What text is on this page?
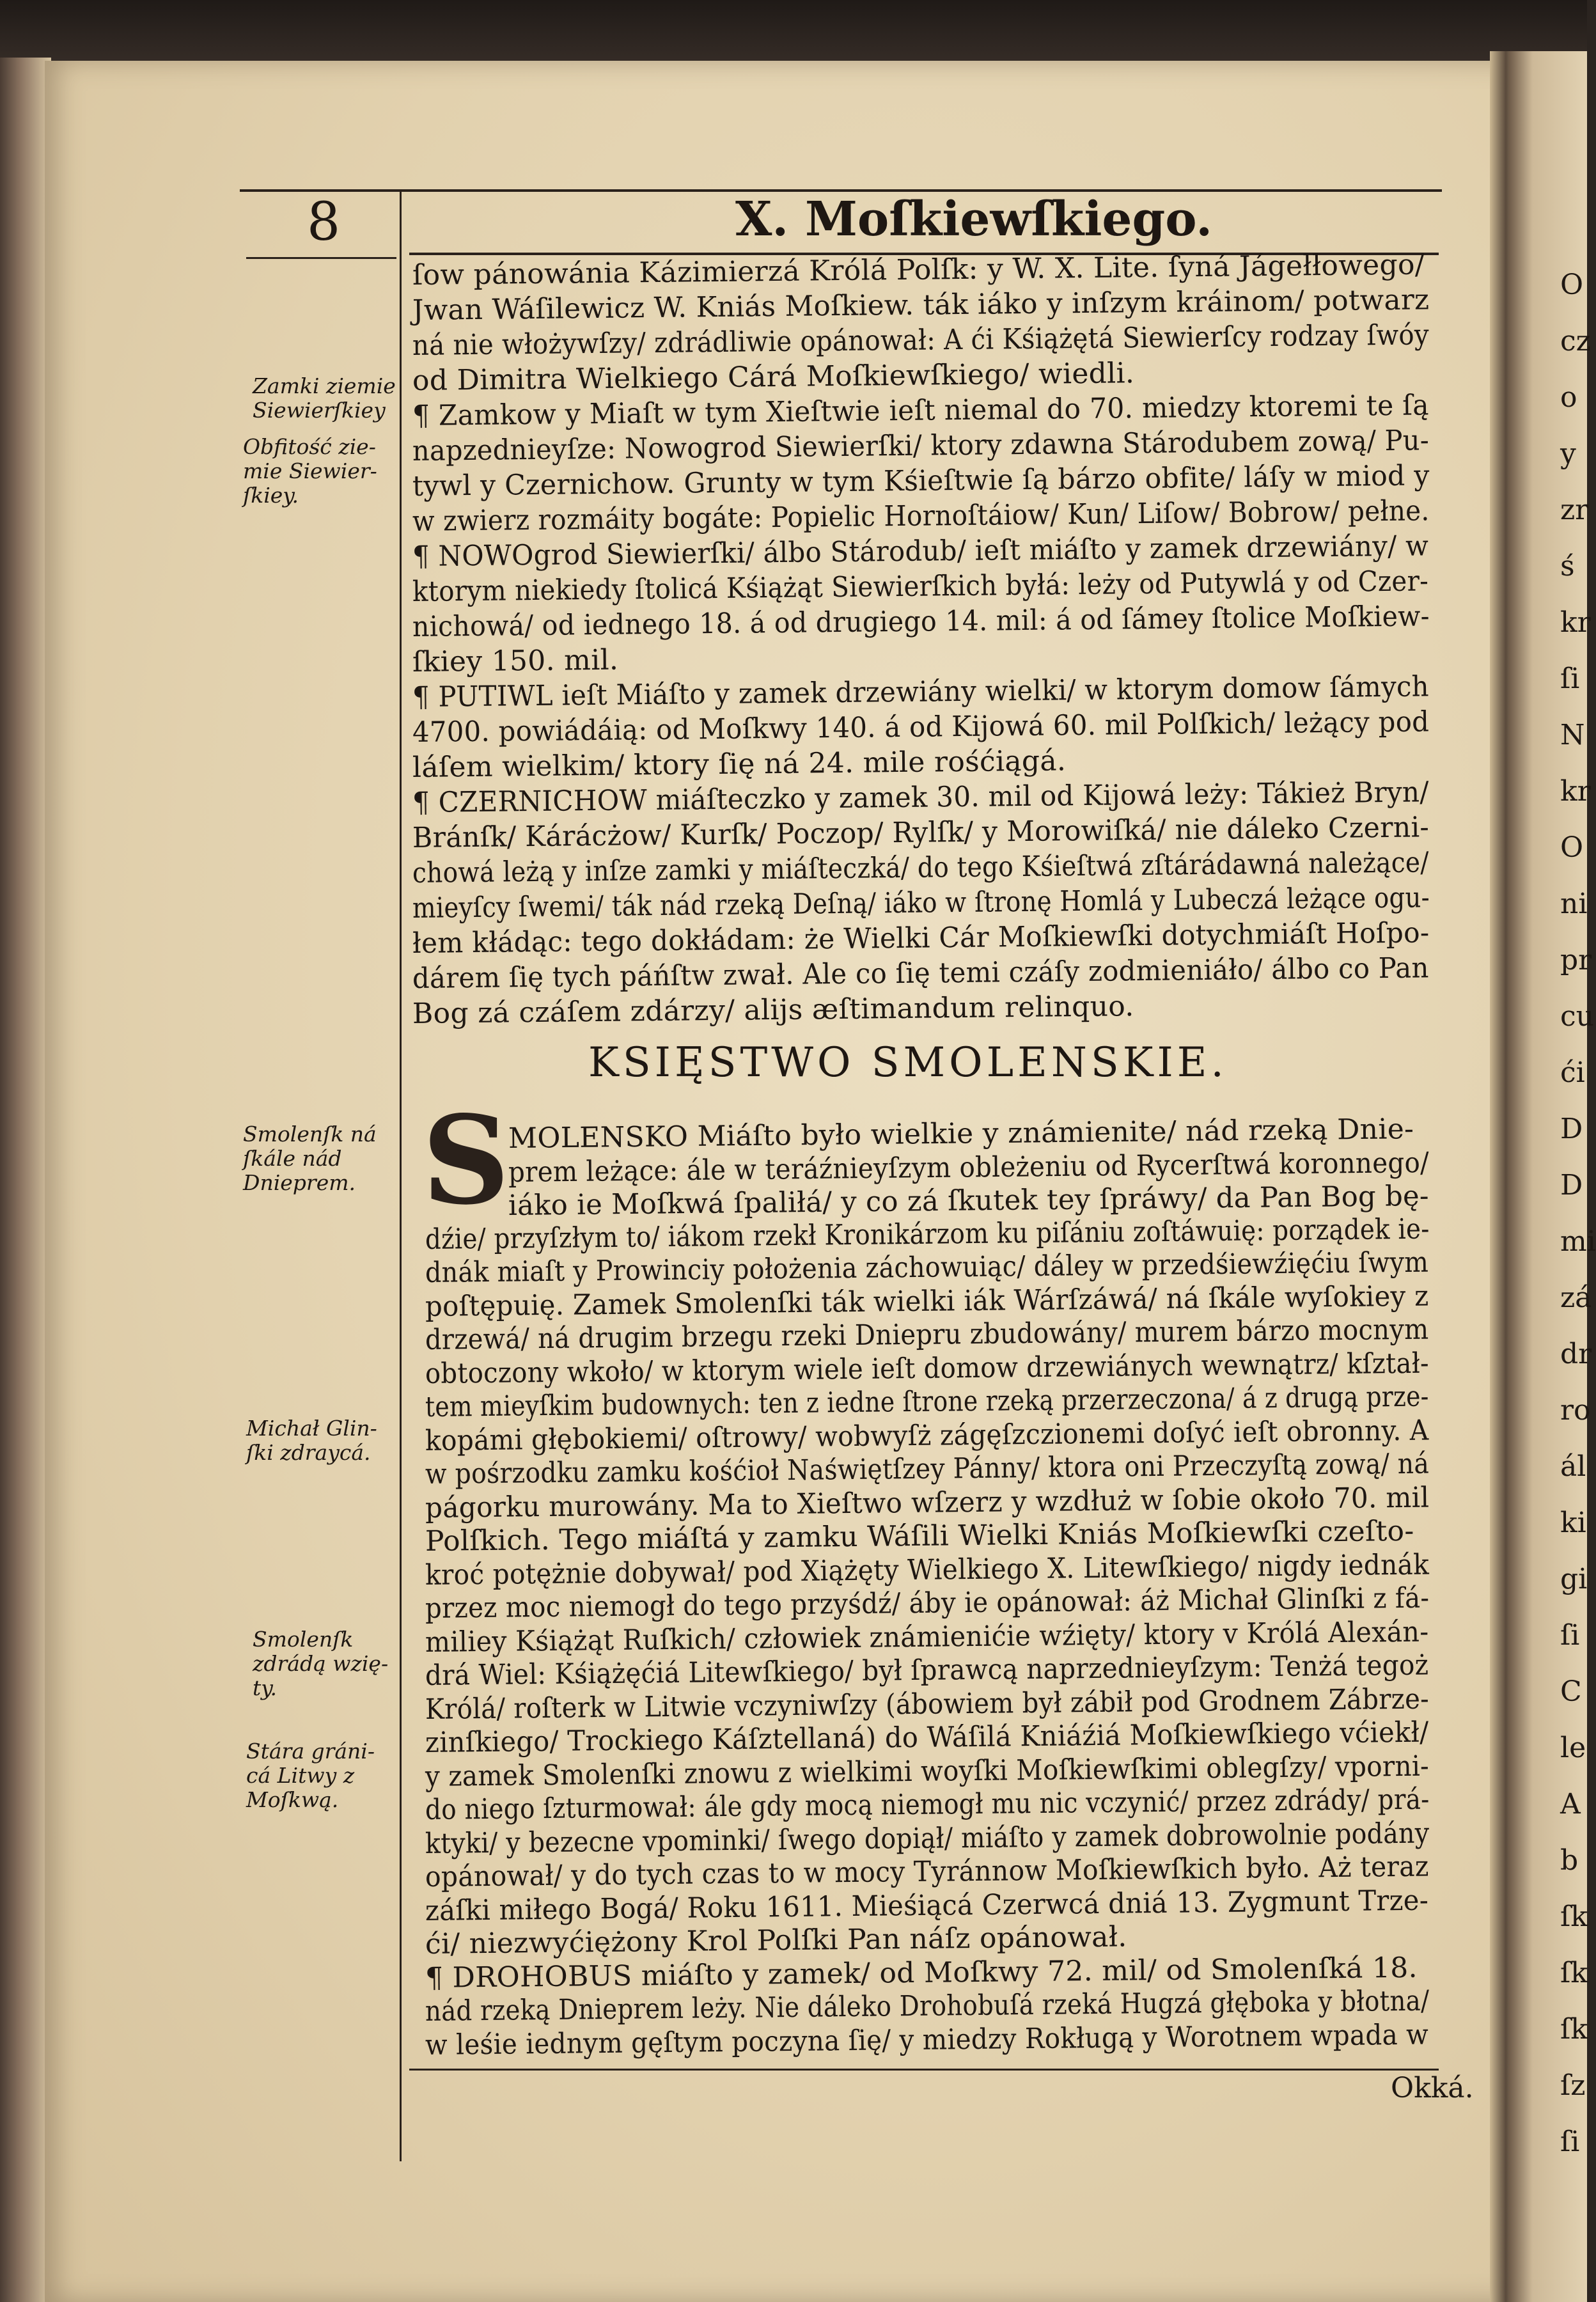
O
cz
o
y
zr
ś
kr
ſi
N
kr
O
ni
pr
cu
ći
D
D
mi
zá
dr
ro
ál
ki
gi
ſi
C
le
A
b
ſk
ſk
ſk
ſz
ſi
8	X. Moſkiewſkiego.
Zamki ziemie
Siewierſkiey
Obfitość zie-
mie Siewier-
ſkiey.
Smolenſk ná
ſkále nád
Dnieprem.
Michał Glin-
ſki zdraycá.
Smolenſk
zdrádą wzię-
ty.
Stára gráni-
cá Litwy z
Moſkwą.
ſow pánowánia Kázimierzá Królá Polſk: y W. X. Lite. ſyná Jágełłowego/
Jwan Wáſilewicz W. Kniás Moſkiew. ták iáko y inſzym kráinom/ potwarz
ná nie włożywſzy/ zdrádliwie opánował: A ći Kśiążętá Siewierſcy rodzay ſwóy
od Dimitra Wielkiego Cárá Moſkiewſkiego/ wiedli.
¶ Zamkow y Miaſt w tym Xieſtwie ieſt niemal do 70. miedzy ktoremi te ſą
napzednieyſze: Nowogrod Siewierſki/ ktory zdawna Stárodubem zową/ Pu-
tywl y Czernichow. Grunty w tym Kśieſtwie ſą bárzo obfite/ láſy w miod y
w zwierz rozmáity bogáte: Popielic Hornoſtáiow/ Kun/ Liſow/ Bobrow/ pełne.
¶ NOWOgrod Siewierſki/ álbo Stárodub/ ieſt miáſto y zamek drzewiány/ w
ktorym niekiedy ſtolicá Kśiążąt Siewierſkich byłá: leży od Putywlá y od Czer-
nichowá/ od iednego 18. á od drugiego 14. mil: á od ſámey ſtolice Moſkiew-
ſkiey 150. mil.
¶ PUTIWL ieſt Miáſto y zamek drzewiány wielki/ w ktorym domow ſámych
4700. powiádáią: od Moſkwy 140. á od Kijowá 60. mil Polſkich/ leżący pod
láſem wielkim/ ktory ſię ná 24. mile rośćiągá.
¶ CZERNICHOW miáſteczko y zamek 30. mil od Kijowá leży: Tákież Bryn/
Bránſk/ Kárácżow/ Kurſk/ Poczop/ Rylſk/ y Morowiſká/ nie dáleko Czerni-
chowá leżą y inſze zamki y miáſteczká/ do tego Kśieſtwá zſtárádawná należące/
mieyſcy ſwemi/ ták nád rzeką Deſną/ iáko w ſtronę Homlá y Lubeczá leżące ogu-
łem kłádąc: tego dokłádam: że Wielki Cár Moſkiewſki dotychmiáſt Hoſpo-
dárem ſię tych páńſtw zwał. Ale co ſię temi czáſy zodmieniáło/ álbo co Pan
Bog zá czáſem zdárzy/ alijs æſtimandum relinquo.
KSIĘSTWO SMOLENSKIE.
S
MOLENSKO Miáſto było wielkie y známienite/ nád rzeką Dnie-
prem leżące: ále w teráźnieyſzym obleżeniu od Rycerſtwá koronnego/
iáko ie Moſkwá ſpaliłá/ y co zá ſkutek tey ſpráwy/ da Pan Bog bę-
dźie/ przyſzłym to/ iákom rzekł Kronikárzom ku piſániu zoſtáwuię: porządek ie-
dnák miaſt y Prowinciy położenia záchowuiąc/ dáley w przedśiewźięćiu ſwym
poſtępuię. Zamek Smolenſki ták wielki iák Wárſzáwá/ ná ſkále wyſokiey z
drzewá/ ná drugim brzegu rzeki Dniepru zbudowány/ murem bárzo mocnym
obtoczony wkoło/ w ktorym wiele ieſt domow drzewiánych wewnątrz/ kſztał-
tem mieyſkim budownych: ten z iedne ſtrone rzeką przerzeczona/ á z drugą prze-
kopámi głębokiemi/ oſtrowy/ wobwyſż zágęſzczionemi doſyć ieſt obronny. A
w pośrzodku zamku kośćioł Naświętſzey Pánny/ ktora oni Przeczyſtą zową/ ná
págorku murowány. Ma to Xieſtwo wſzerz y wzdłuż w ſobie około 70. mil
Polſkich. Tego miáſtá y zamku Wáſili Wielki Kniás Moſkiewſki czeſto-
kroć potężnie dobywał/ pod Xiążęty Wielkiego X. Litewſkiego/ nigdy iednák
przez moc niemogł do tego przyśdź/ áby ie opánował: áż Michał Glinſki z fá-
miliey Kśiążąt Ruſkich/ człowiek známienićie wźięty/ ktory v Królá Alexán-
drá Wiel: Kśiążęćiá Litewſkiego/ był ſprawcą naprzednieyſzym: Tenżá tegoż
Królá/ roſterk w Litwie vczyniwſzy (ábowiem był zábił pod Grodnem Zábrze-
zinſkiego/ Trockiego Káſztellaná) do Wáſilá Kniáźiá Moſkiewſkiego vćiekł/
y zamek Smolenſki znowu z wielkimi woyſki Moſkiewſkimi oblegſzy/ vporni-
do niego ſzturmował: ále gdy mocą niemogł mu nic vczynić/ przez zdrády/ prá-
ktyki/ y bezecne vpominki/ ſwego dopiął/ miáſto y zamek dobrowolnie podány
opánował/ y do tych czas to w mocy Tyránnow Moſkiewſkich było. Aż teraz
záſki miłego Bogá/ Roku 1611. Mieśiącá Czerwcá dniá 13. Zygmunt Trze-
ći/ niezwyćiężony Krol Polſki Pan náſz opánował.
¶ DROHOBUS miáſto y zamek/ od Moſkwy 72. mil/ od Smolenſká 18.
nád rzeką Dnieprem leży. Nie dáleko Drohobuſá rzeká Hugzá głęboka y błotna/
w leśie iednym gęſtym poczyna ſię/ y miedzy Rokługą y Worotnem wpada w
Okká.
